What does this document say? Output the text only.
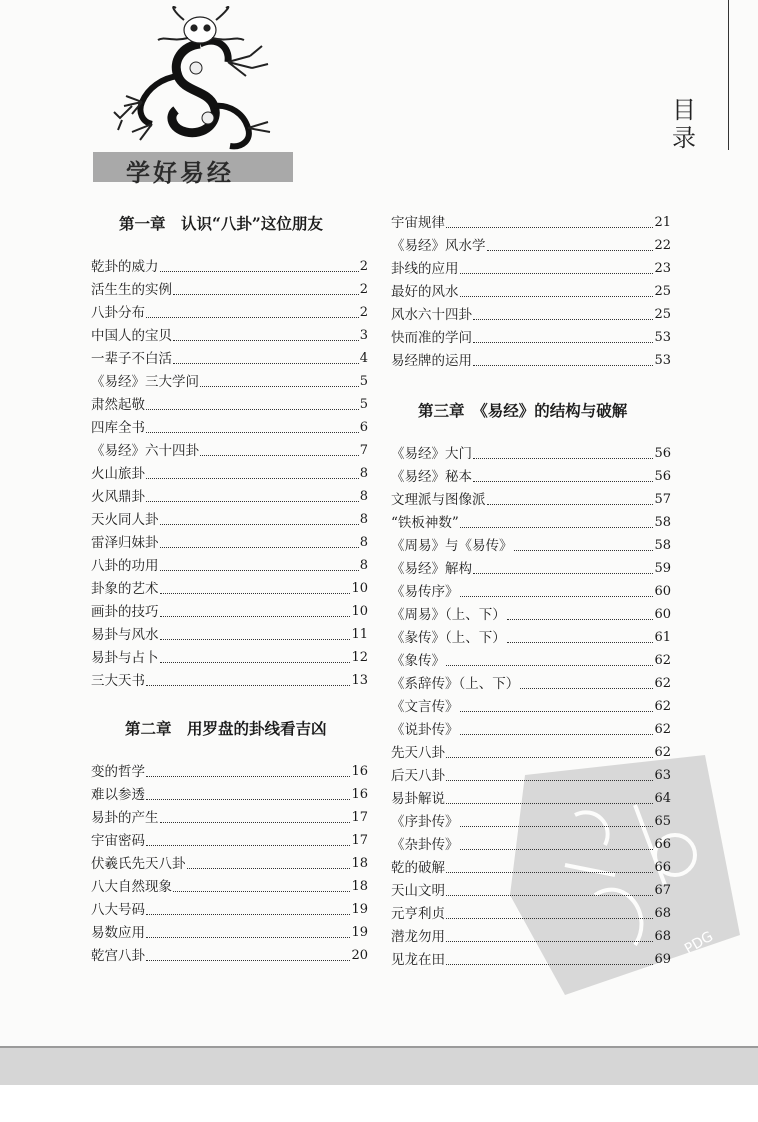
学好易经
目录
PDG
第一章　认识“八卦”这位朋友
乾卦的威力	2
活生生的实例	2
八卦分布	2
中国人的宝贝	3
一辈子不白活	4
《易经》三大学问	5
肃然起敬	5
四库全书	6
《易经》六十四卦	7
火山旅卦	8
火风鼎卦	8
天火同人卦	8
雷泽归妹卦	8
八卦的功用	8
卦象的艺术	10
画卦的技巧	10
易卦与风水	11
易卦与占卜	12
三大天书	13
第二章　用罗盘的卦线看吉凶
变的哲学	16
难以参透	16
易卦的产生	17
宇宙密码	17
伏羲氏先天八卦	18
八大自然现象	18
八大号码	19
易数应用	19
乾宫八卦	20
宇宙规律	21
《易经》风水学	22
卦线的应用	23
最好的风水	25
风水六十四卦	25
快而准的学问	53
易经牌的运用	53
第三章　《易经》的结构与破解
《易经》大门	56
《易经》秘本	56
文理派与图像派	57
“铁板神数”	58
《周易》与《易传》	58
《易经》解构	59
《易传序》	60
《周易》（上、下）	60
《彖传》（上、下）	61
《象传》	62
《系辞传》（上、下）	62
《文言传》	62
《说卦传》	62
先天八卦	62
后天八卦	63
易卦解说	64
《序卦传》	65
《杂卦传》	66
乾的破解	66
天山文明	67
元亨利贞	68
潜龙勿用	68
见龙在田	69
